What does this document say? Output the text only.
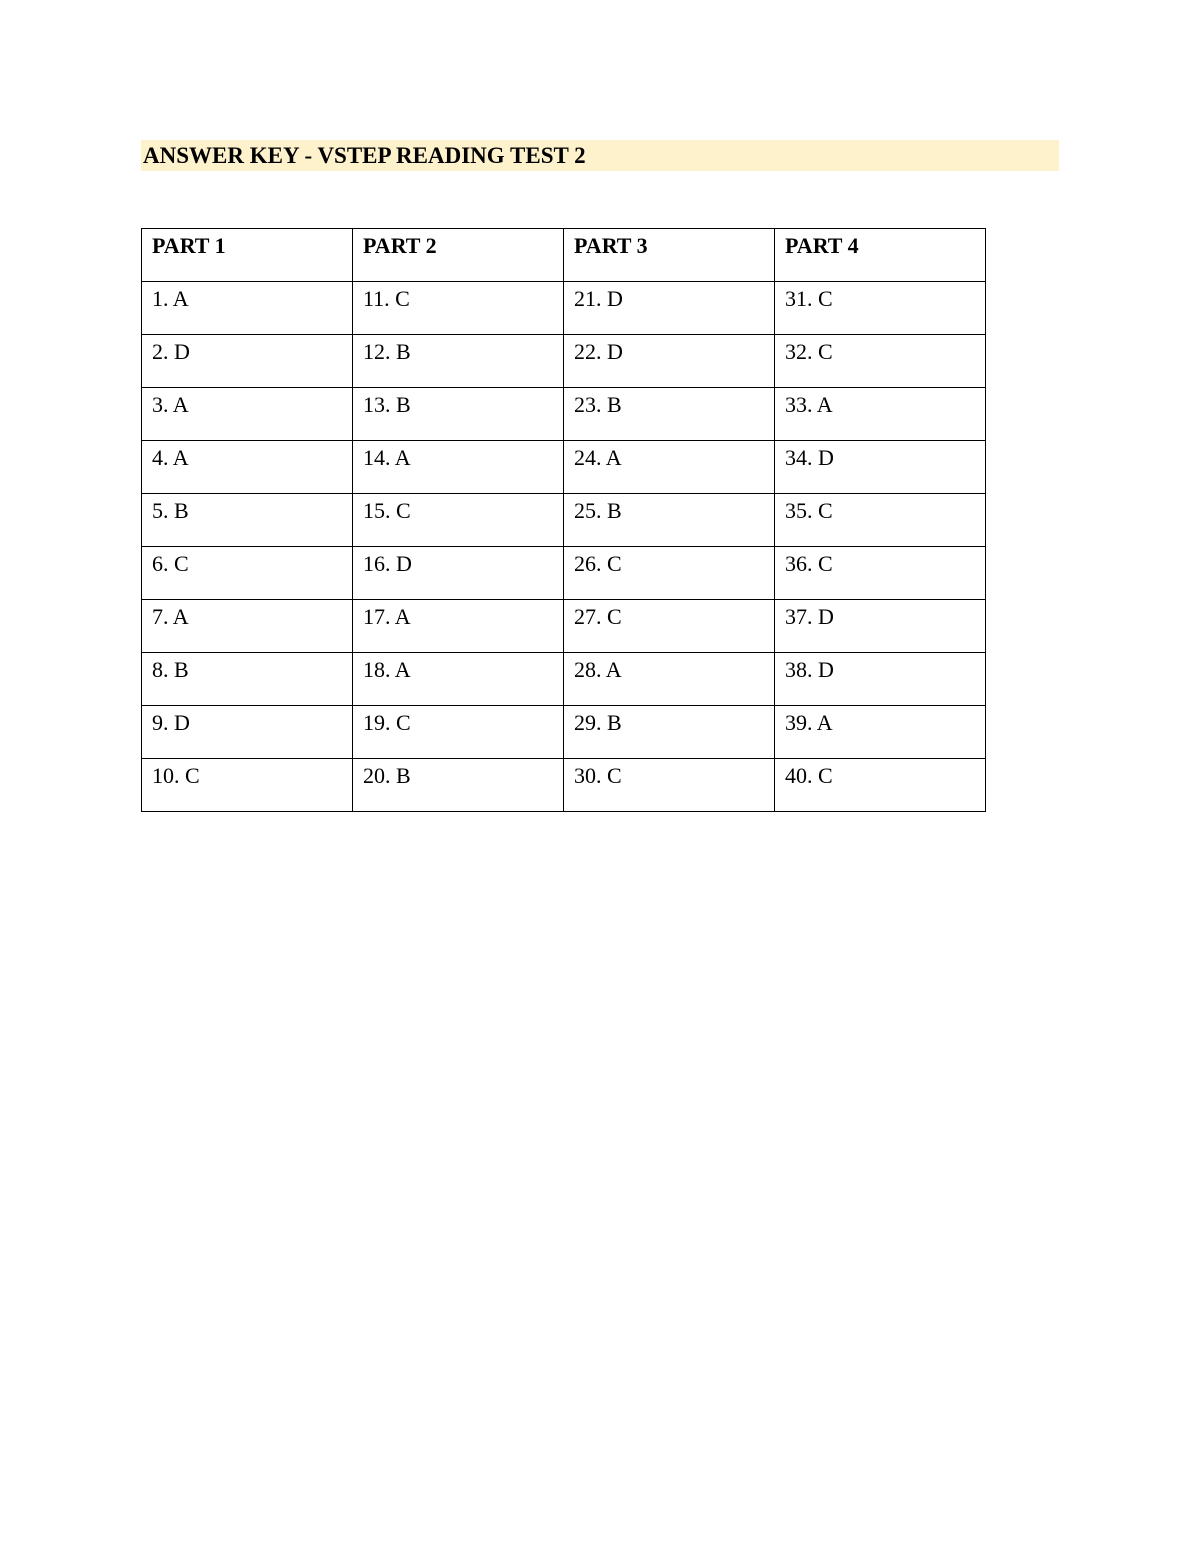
ANSWER KEY - VSTEP READING TEST 2
PART 1	PART 2	PART 3	PART 4
1. A	11. C	21. D	31. C
2. D	12. B	22. D	32. C
3. A	13. B	23. B	33. A
4. A	14. A	24. A	34. D
5. B	15. C	25. B	35. C
6. C	16. D	26. C	36. C
7. A	17. A	27. C	37. D
8. B	18. A	28. A	38. D
9. D	19. C	29. B	39. A
10. C	20. B	30. C	40. C
